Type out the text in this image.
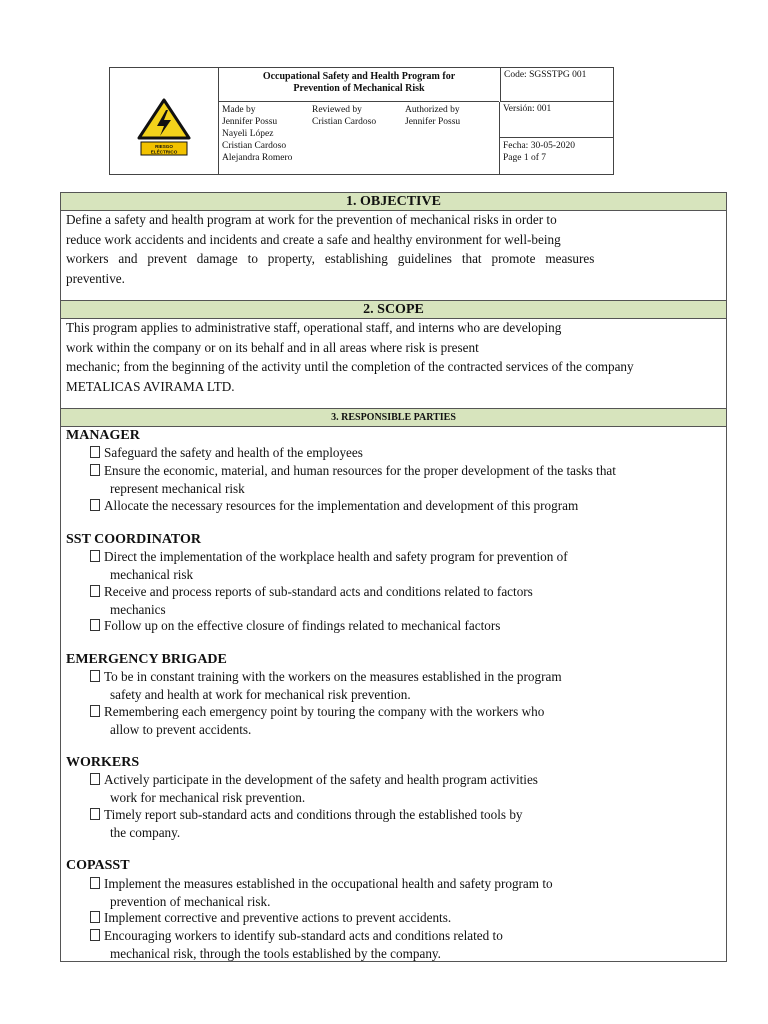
RIESGO
ELÉCTRICO
Occupational Safety and Health Program for
Prevention of Mechanical Risk
Made by
Jennifer Possu
Nayeli López
Reviewed by
Cristian Cardoso
Authorized by
Jennifer Possu
Cristian Cardoso
Alejandra Romero
Code: SGSSTPG 001
Versión: 001
Fecha: 30-05-2020
Page 1 of 7
1. OBJECTIVE
Define a safety and health program at work for the prevention of mechanical risks in order to
reduce work accidents and incidents and create a safe and healthy environment for well-being
workers and prevent damage to property, establishing guidelines that promote measures
preventive.
2. SCOPE
This program applies to administrative staff, operational staff, and interns who are developing
work within the company or on its behalf and in all areas where risk is present
mechanic; from the beginning of the activity until the completion of the contracted services of the company
METALICAS AVIRAMA LTD.
3. RESPONSIBLE PARTIES
MANAGER
Safeguard the safety and health of the employees
Ensure the economic, material, and human resources for the proper development of the tasks that
represent mechanical risk
Allocate the necessary resources for the implementation and development of this program
SST COORDINATOR
Direct the implementation of the workplace health and safety program for prevention of
mechanical risk
Receive and process reports of sub-standard acts and conditions related to factors
mechanics
Follow up on the effective closure of findings related to mechanical factors
EMERGENCY BRIGADE
To be in constant training with the workers on the measures established in the program
safety and health at work for mechanical risk prevention.
Remembering each emergency point by touring the company with the workers who
allow to prevent accidents.
WORKERS
Actively participate in the development of the safety and health program activities
work for mechanical risk prevention.
Timely report sub-standard acts and conditions through the established tools by
the company.
COPASST
Implement the measures established in the occupational health and safety program to
prevention of mechanical risk.
Implement corrective and preventive actions to prevent accidents.
Encouraging workers to identify sub-standard acts and conditions related to
mechanical risk, through the tools established by the company.
